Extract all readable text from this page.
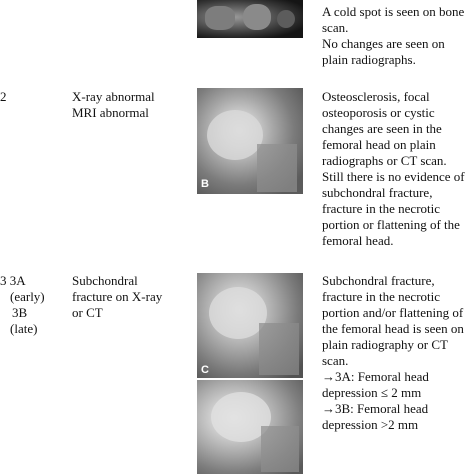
A cold spot is seen on bone
scan.
No changes are seen on
plain radiographs.
2	X-ray abnormal
MRI abnormal
B
Osteosclerosis, focal
osteoporosis or cystic
changes are seen in the
femoral head on plain
radiographs or CT scan.
Still there is no evidence of
subchondral fracture,
fracture in the necrotic
portion or flattening of the
femoral head.
3 3A
(early)
3B
(late)
Subchondral
fracture on X-ray
or CT
C
Subchondral fracture,
fracture in the necrotic
portion and/or flattening of
the femoral head is seen on
plain radiography or CT scan.
→3A: Femoral head
depression ≤ 2 mm
→3B: Femoral head
depression >2 mm
